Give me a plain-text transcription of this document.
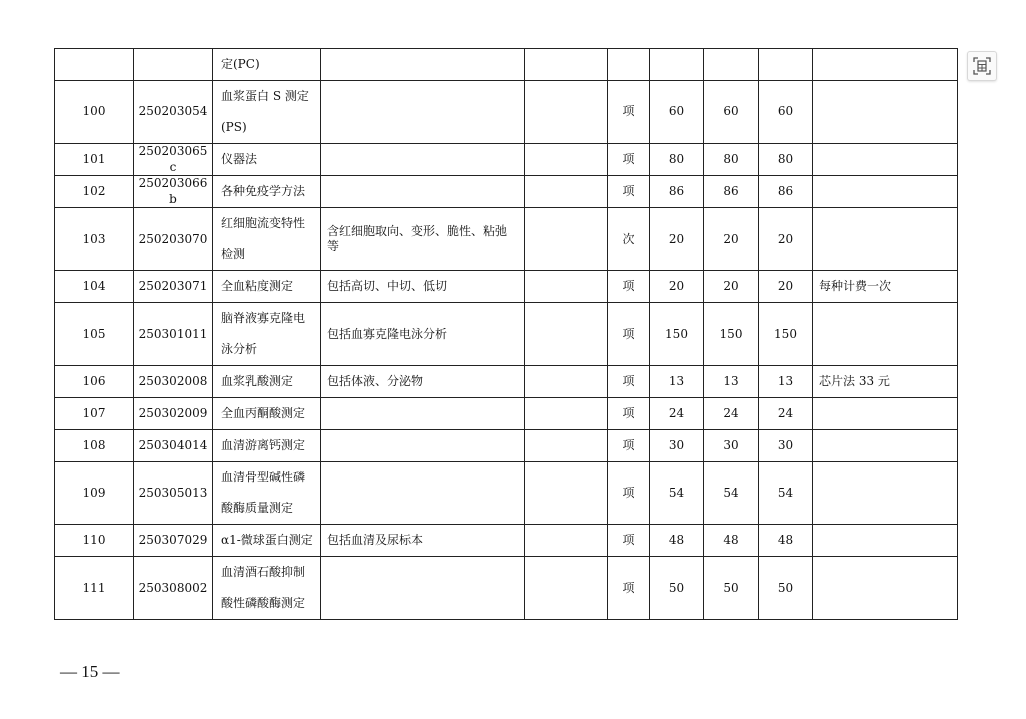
		定(PC)							
100	250203054	血浆蛋白 S 测定(PS)			项	60	60	60	
101	250203065c	仪器法			项	80	80	80	
102	250203066b	各种免疫学方法			项	86	86	86	
103	250203070	红细胞流变特性检测	含红细胞取向、变形、脆性、粘弛等		次	20	20	20	
104	250203071	全血粘度测定	包括高切、中切、低切		项	20	20	20	每种计费一次
105	250301011	脑脊液寡克隆电泳分析	包括血寡克隆电泳分析		项	150	150	150	
106	250302008	血浆乳酸测定	包括体液、分泌物		项	13	13	13	芯片法 33 元
107	250302009	全血丙酮酸测定			项	24	24	24	
108	250304014	血清游离钙测定			项	30	30	30	
109	250305013	血清骨型碱性磷酸酶质量测定			项	54	54	54	
110	250307029	α1-微球蛋白测定	包括血清及尿标本		项	48	48	48	
111	250308002	血清酒石酸抑制酸性磷酸酶测定			项	50	50	50	
— 15 —
